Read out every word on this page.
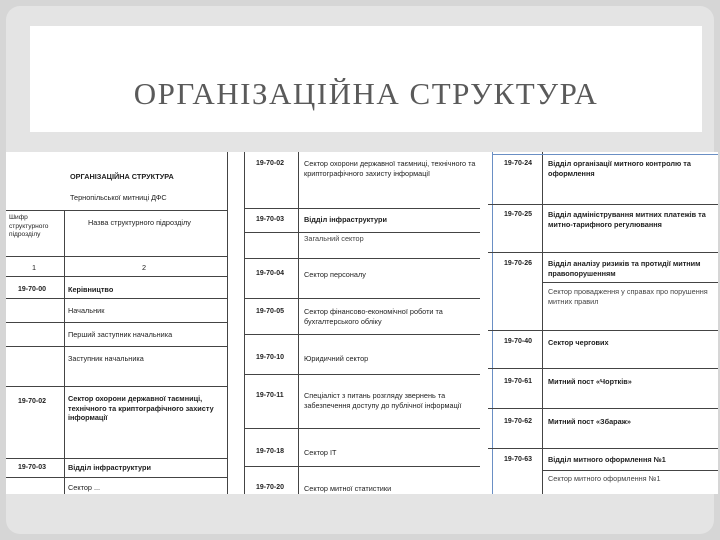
ОРГАНІЗАЦІЙНА СТРУКТУРА
ОРГАНІЗАЦІЙНА СТРУКТУРА
Тернопільської митниці ДФС
Шифр структурного підрозділу
Назва структурного підрозділу
1	2
19-70-00	Керівництво
Начальник
Перший заступник начальника
Заступник начальника
19-70-02	Сектор охорони державної таємниці, технічного та криптографічного захисту інформації
19-70-03	Відділ інфраструктури
Сектор ...
19-70-02	Сектор охорони державної таємниці, технічного та криптографічного захисту інформації
19-70-03	Відділ інфраструктури
Загальний сектор
19-70-04	Сектор персоналу
19-70-05	Сектор фінансово-економічної роботи та бухгалтерського обліку
19-70-10	Юридичний сектор
19-70-11	Спеціаліст з питань розгляду звернень та забезпечення доступу до публічної інформації
19-70-18	Сектор ІТ
19-70-20	Сектор митної статистики
19-70-24 Відділ організації митного контролю та оформлення
19-70-25 Відділ адміністрування митних платежів та митно-тарифного регулювання
19-70-26 Відділ аналізу ризиків та протидії митним правопорушенням
Сектор провадження у справах про порушення митних правил
19-70-40 Сектор чергових
19-70-61 Митний пост «Чортків»
19-70-62 Митний пост «Збараж»
19-70-63 Відділ митного оформлення №1
Сектор митного оформлення №1
